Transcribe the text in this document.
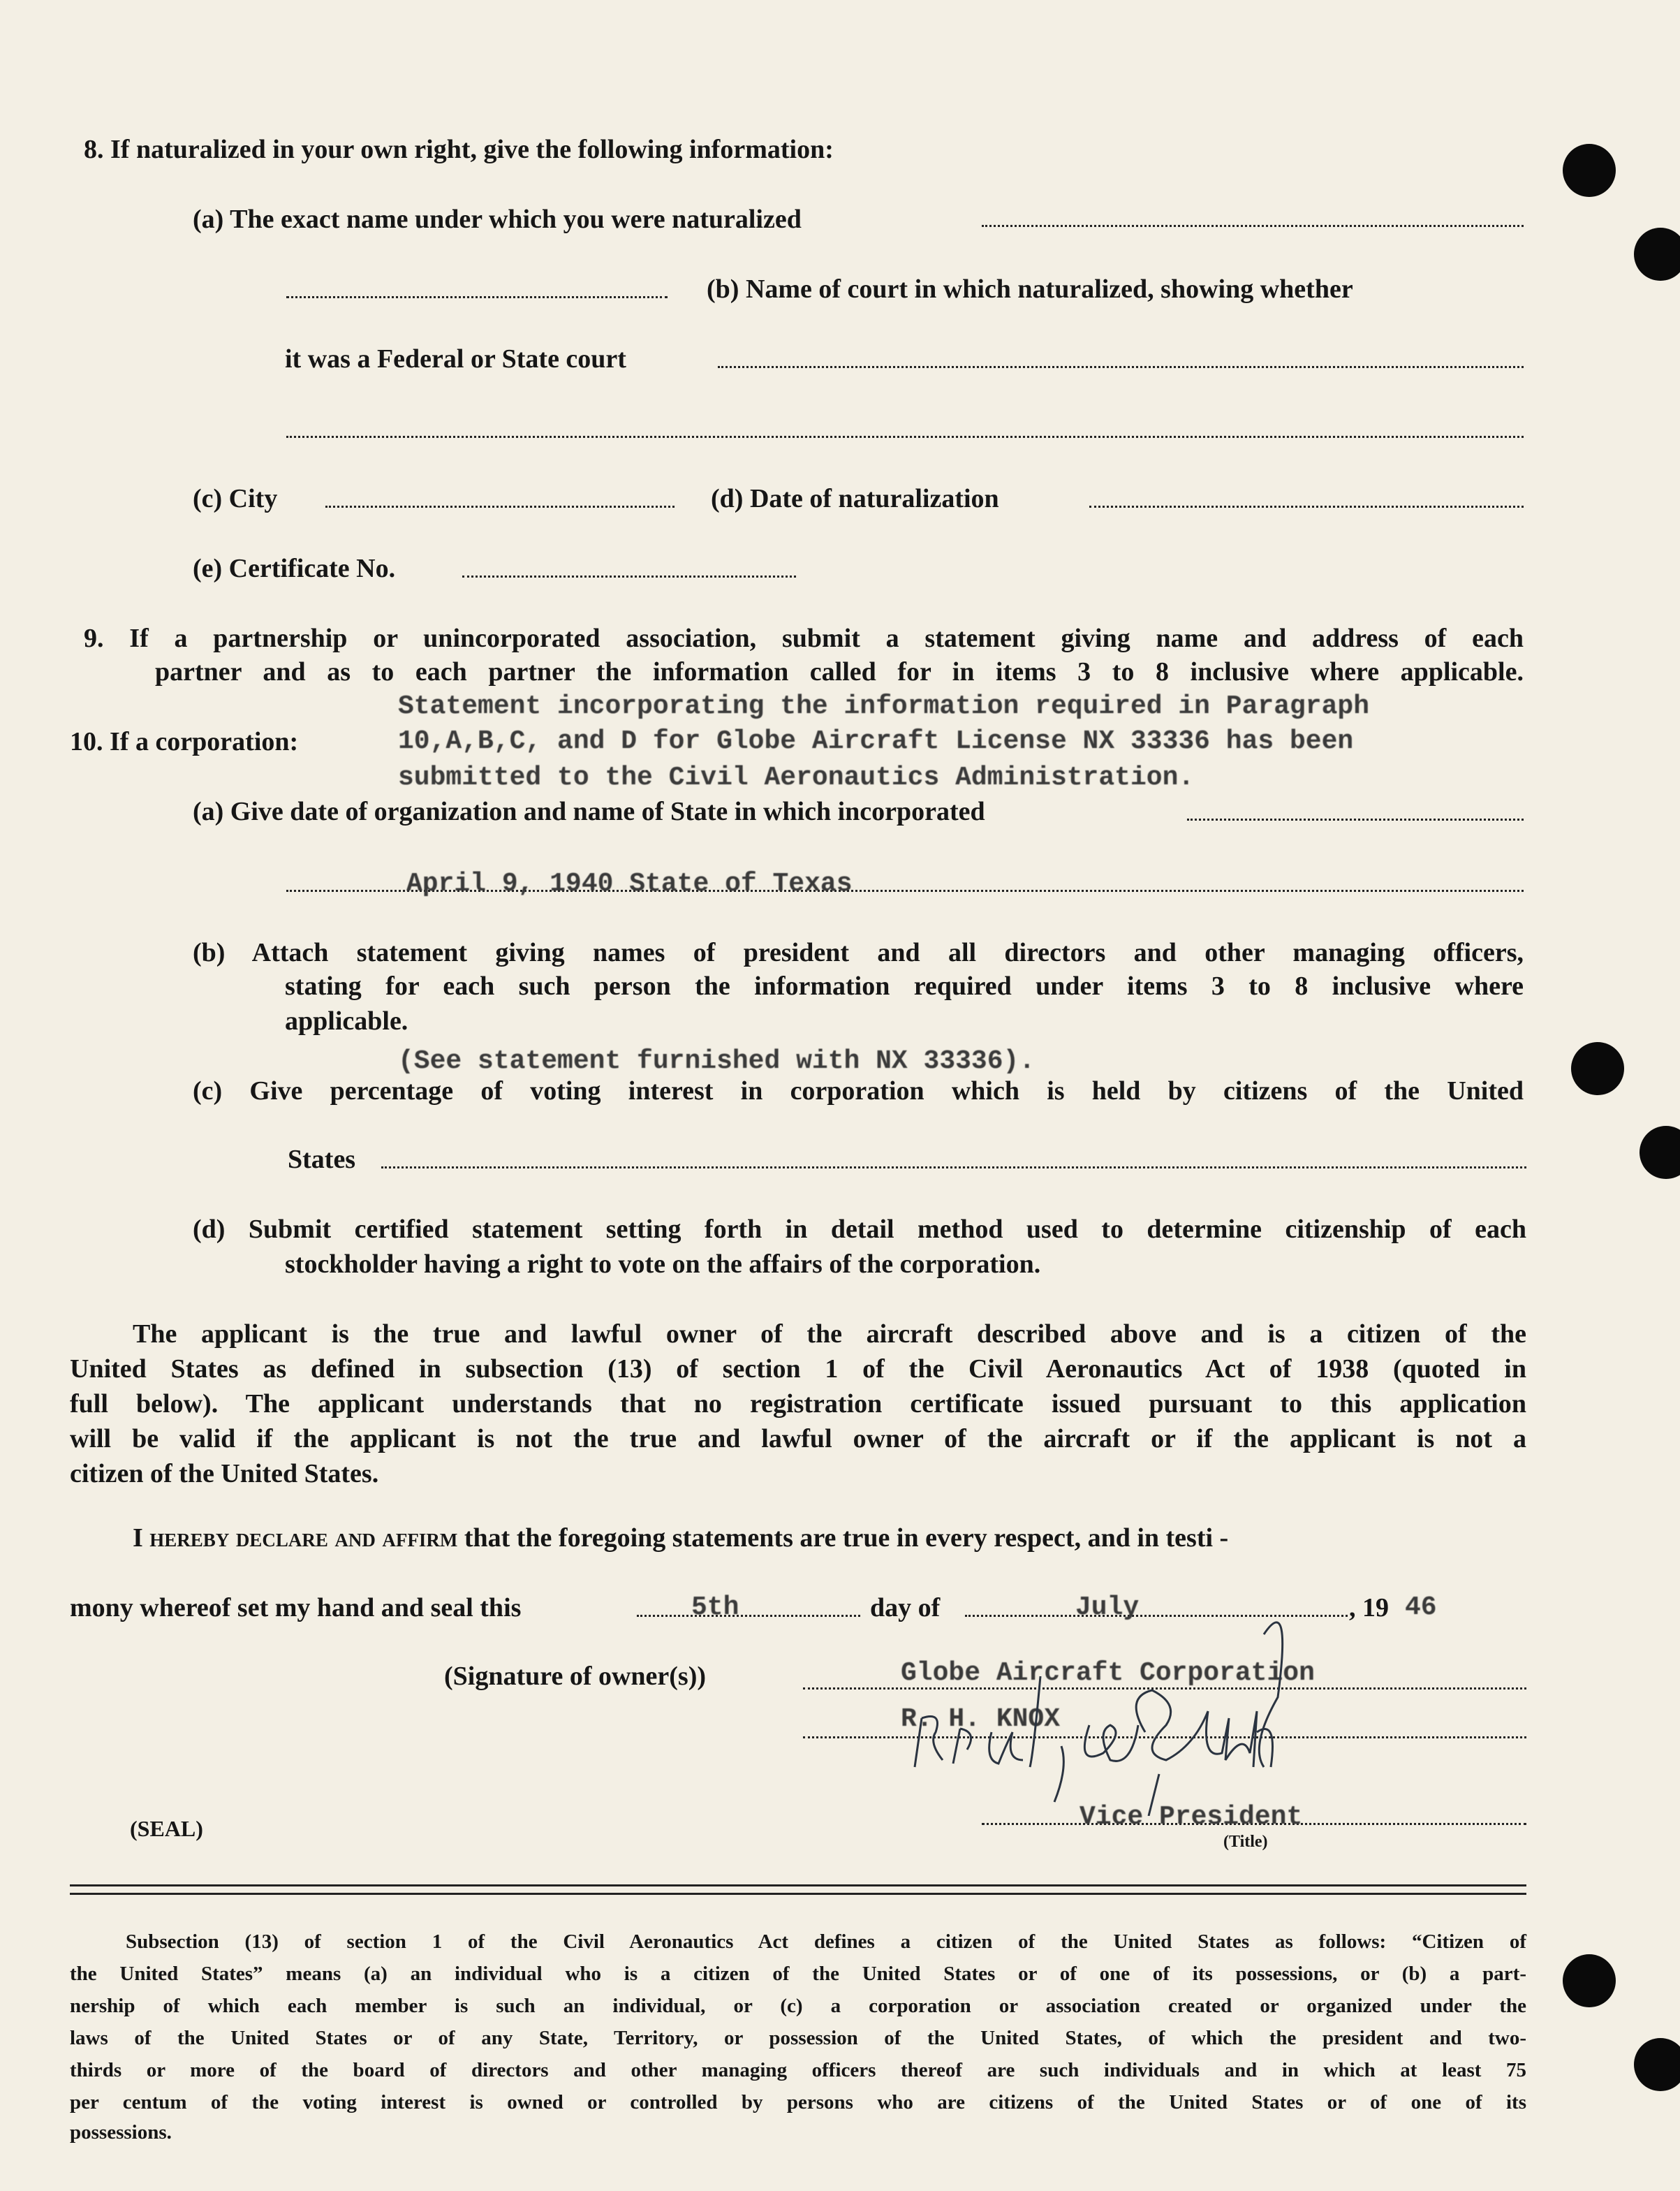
8. If naturalized in your own right, give the following information:
(a) The exact name under which you were naturalized
(b) Name of court in which naturalized, showing whether
it was a Federal or State court
(c) City	(d) Date of naturalization
(e) Certificate No.
9. If a partnership or unincorporated association, submit a statement giving name and address of each
partner and as to each partner the information called for in items 3 to 8 inclusive where applicable.
10. If a corporation:
Statement incorporating the information required in Paragraph
10,A,B,C, and D for Globe Aircraft License NX 33336 has been
submitted to the Civil Aeronautics Administration.
(a) Give date of organization and name of State in which incorporated
April 9, 1940 State of Texas
(b) Attach statement giving names of president and all directors and other managing officers,
stating for each such person the information required under items 3 to 8 inclusive where
applicable.
(See statement furnished with NX 33336).
(c) Give percentage of voting interest in corporation which is held by citizens of the United
States
(d) Submit certified statement setting forth in detail method used to determine citizenship of each
stockholder having a right to vote on the affairs of the corporation.
The applicant is the true and lawful owner of the aircraft described above and is a citizen of the
United States as defined in subsection (13) of section 1 of the Civil Aeronautics Act of 1938 (quoted in
full below). The applicant understands that no registration certificate issued pursuant to this application
will be valid if the applicant is not the true and lawful owner of the aircraft or if the applicant is not a
citizen of the United States.
I hereby declare and affirm that the foregoing statements are true in every respect, and in testi -
mony whereof set my hand and seal this	5th	day of	July	, 19 46
(Signature of owner(s))	Globe Aircraft Corporation
R. H. KNOX
(SEAL)	Vice President
(Title)
Subsection (13) of section 1 of the Civil Aeronautics Act defines a citizen of the United States as follows: “Citizen of
the United States” means (a) an individual who is a citizen of the United States or of one of its possessions, or (b) a part-
nership of which each member is such an individual, or (c) a corporation or association created or organized under the
laws of the United States or of any State, Territory, or possession of the United States, of which the president and two-
thirds or more of the board of directors and other managing officers thereof are such individuals and in which at least 75
per centum of the voting interest is owned or controlled by persons who are citizens of the United States or of one of its
possessions.
